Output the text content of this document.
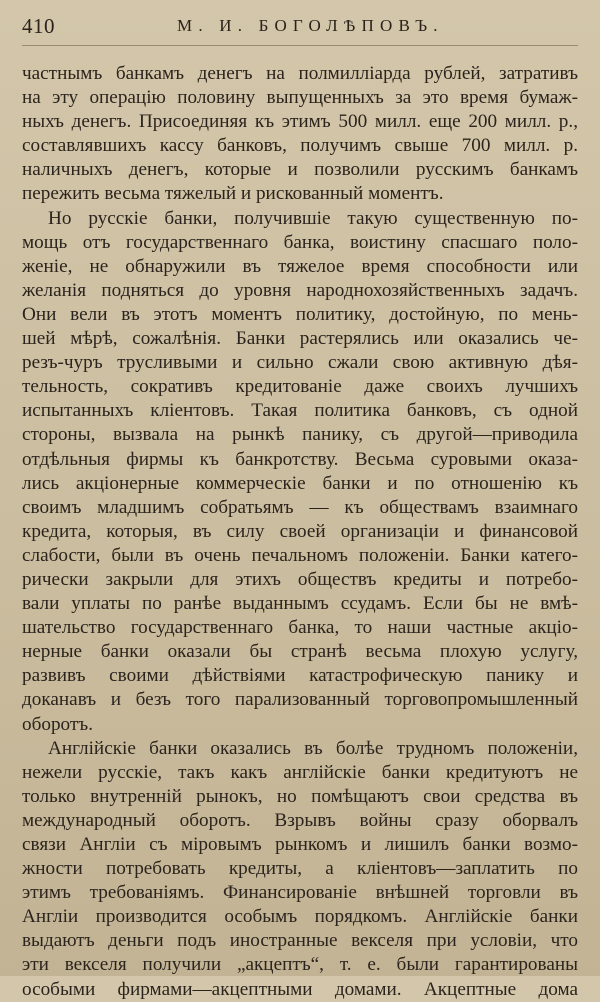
410	М. И. БОГОЛѢПОВЪ.
частнымъ банкамъ денегъ на полмилліарда рублей, затративъ
на эту операцію половину выпущенныхъ за это время бумаж-
ныхъ денегъ. Присоединяя къ этимъ 500 милл. еще 200 милл. р.,
составлявшихъ кассу банковъ, получимъ свыше 700 милл. р.
наличныхъ денегъ, которые и позволили русскимъ банкамъ
пережить весьма тяжелый и рискованный моментъ.
Но русскіе банки, получившіе такую существенную по-
мощь отъ государственнаго банка, воистину спасшаго поло-
женіе, не обнаружили въ тяжелое время способности или
желанія подняться до уровня народнохозяйственныхъ задачъ.
Они вели въ этотъ моментъ политику, достойную, по мень-
шей мѣрѣ, сожалѣнія. Банки растерялись или оказались че-
резъ-чуръ трусливыми и сильно сжали свою активную дѣя-
тельность, сокративъ кредитованіе даже своихъ лучшихъ
испытанныхъ кліентовъ. Такая политика банковъ, съ одной
стороны, вызвала на рынкѣ панику, съ другой—приводила
отдѣльныя фирмы къ банкротству. Весьма суровыми оказа-
лись акціонерные коммерческіе банки и по отношенію къ
своимъ младшимъ собратьямъ — къ обществамъ взаимнаго
кредита, которыя, въ силу своей организаціи и финансовой
слабости, были въ очень печальномъ положеніи. Банки катего-
рически закрыли для этихъ обществъ кредиты и потребо-
вали уплаты по ранѣе выданнымъ ссудамъ. Если бы не вмѣ-
шательство государственнаго банка, то наши частные акціо-
нерные банки оказали бы странѣ весьма плохую услугу,
развивъ своими дѣйствіями катастрофическую панику и
доканавъ и безъ того парализованный торговопромышленный
оборотъ.
Англійскіе банки оказались въ болѣе трудномъ положеніи,
нежели русскіе, такъ какъ англійскіе банки кредитуютъ не
только внутренній рынокъ, но помѣщаютъ свои средства въ
международный оборотъ. Взрывъ войны сразу оборвалъ
связи Англіи съ міровымъ рынкомъ и лишилъ банки возмо-
жности потребовать кредиты, а кліентовъ—заплатить по
этимъ требованіямъ. Финансированіе внѣшней торговли въ
Англіи производится особымъ порядкомъ. Англійскіе банки
выдаютъ деньги подъ иностранные векселя при условіи, что
эти векселя получили „акцептъ“, т. е. были гарантированы
особыми фирмами—акцептными домами. Акцептные дома
